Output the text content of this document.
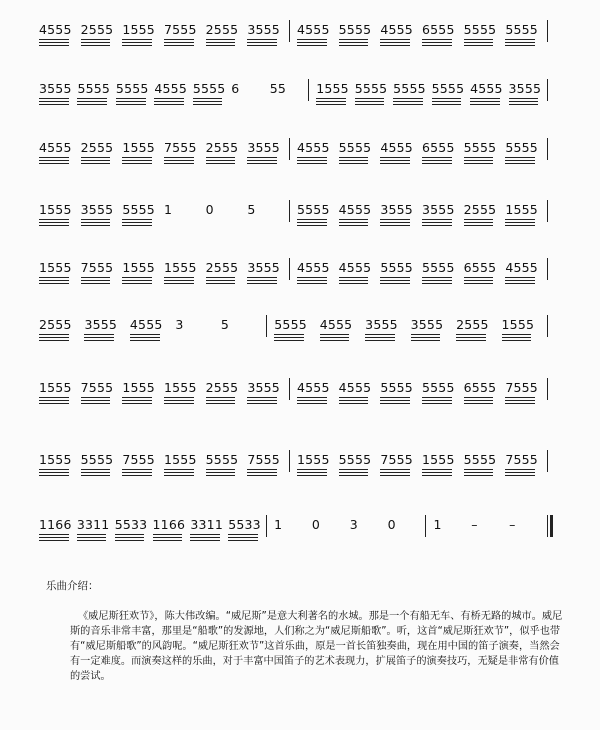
4555 2555 1555 7555 2555 3555 4555 5555 4555 6555 5555 5555
3555 5555 5555 4555 5555 6 55 1555 5555 5555 5555 4555 3555
4555 2555 1555 7555 2555 3555 4555 5555 4555 6555 5555 5555
1555 3555 5555 1	0	5	5555 4555 3555 3555 2555 1555
1555 7555 1555 1555 2555 3555 4555 4555 5555 5555 6555 4555
2555 3555 4555 3	5	5555 4555 3555 3555 2555 1555
1555 7555 1555 1555 2555 3555 4555 4555 5555 5555 6555 7555
1555 5555 7555 1555 5555 7555 1555 5555 7555 1555 5555 7555
1166 3311 5533 1166 3311 5533 1 0 3 0	1 –	–
乐曲介绍：

《威尼斯狂欢节》，陈大伟改编。“威尼斯”是意大利著名的水城。那是一个有船无车、有桥无路的城市。威尼斯的音乐非常丰富，那里是“船歌”的发源地，人们称之为“威尼斯船歌”。听，这首“威尼斯狂欢节”，似乎也带有“威尼斯船歌”的风韵呢。“威尼斯狂欢节”这首乐曲，原是一首长笛独奏曲，现在用中国的笛子演奏，当然会有一定难度。而演奏这样的乐曲，对于丰富中国笛子的艺术表现力，扩展笛子的演奏技巧，无疑是非常有价值的尝试。
